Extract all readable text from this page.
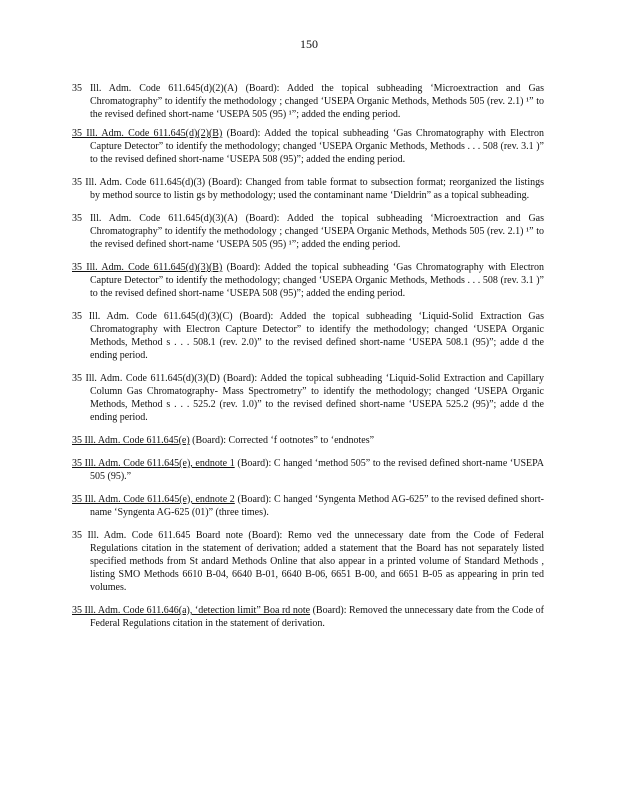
150

35 Ill. Adm. Code 611.645(d)(2)(A) (Board): Added the topical subheading ‘Microextraction and Gas Chromatography” to identify the methodology ; changed ‘USEPA Organic Methods, Methods 505 (rev. 2.1) ¹” to the revised defined short-name ‘USEPA 505 (95) ¹”; added the ending period.

35 Ill. Adm. Code 611.645(d)(2)(B) (Board): Added the topical subheading ‘Gas Chromatography with Electron Capture Detector” to identify the methodology; changed ‘USEPA Organic Methods, Methods . . . 508 (rev. 3.1 )” to the revised defined short-name ‘USEPA 508 (95)”; added the ending period.

35 Ill. Adm. Code 611.645(d)(3) (Board): Changed from table format to subsection format; reorganized the listings by method source to listin gs by methodology; used the contaminant name ‘Dieldrin” as a topical subheading.

35 Ill. Adm. Code 611.645(d)(3)(A) (Board): Added the topical subheading ‘Microextraction and Gas Chromatography” to identify the methodology ; changed ‘USEPA Organic Methods, Methods 505 (rev. 2.1) ¹” to the revised defined short-name ‘USEPA 505 (95) ¹”; added the ending period.

35 Ill. Adm. Code 611.645(d)(3)(B) (Board): Added the topical subheading ‘Gas Chromatography with Electron Capture Detector” to identify the methodology; changed ‘USEPA Organic Methods, Methods . . . 508 (rev. 3.1 )” to the revised defined short-name ‘USEPA 508 (95)”; added the ending period.

35 Ill. Adm. Code 611.645(d)(3)(C) (Board): Added the topical subheading ‘Liquid-Solid Extraction Gas Chromatography with Electron Capture Detector” to identify the methodology; changed ‘USEPA Organic Methods, Method s . . . 508.1 (rev. 2.0)” to the revised defined short-name ‘USEPA 508.1 (95)”; adde d the ending period.

35 Ill. Adm. Code 611.645(d)(3)(D) (Board): Added the topical subheading ‘Liquid-Solid Extraction and Capillary Column Gas Chromatography- Mass Spectrometry” to identify the methodology; changed ‘USEPA Organic Methods, Method s . . . 525.2 (rev. 1.0)” to the revised defined short-name ‘USEPA 525.2 (95)”; adde d the ending period.

35 Ill. Adm. Code 611.645(e) (Board): Corrected ‘f ootnotes” to ‘endnotes”

35 Ill. Adm. Code 611.645(e), endnote 1 (Board): C hanged ‘method 505” to the revised defined short-name ‘USEPA 505 (95).”

35 Ill. Adm. Code 611.645(e), endnote 2 (Board): C hanged ‘Syngenta Method AG-625” to the revised defined short-name ‘Syngenta AG-625 (01)” (three times).

35 Ill. Adm. Code 611.645 Board note (Board): Remo ved the unnecessary date from the Code of Federal Regulations citation in the statement of derivation; added a statement that the Board has not separately listed specified methods from St andard Methods Online that also appear in a printed volume of Standard Methods , listing SMO Methods 6610 B-04, 6640 B-01, 6640 B-06, 6651 B-00, and 6651 B-05 as appearing in prin ted volumes.

35 Ill. Adm. Code 611.646(a), ‘detection limit” Boa rd note (Board): Removed the unnecessary date from the Code of Federal Regulations citation in the statement of derivation.
